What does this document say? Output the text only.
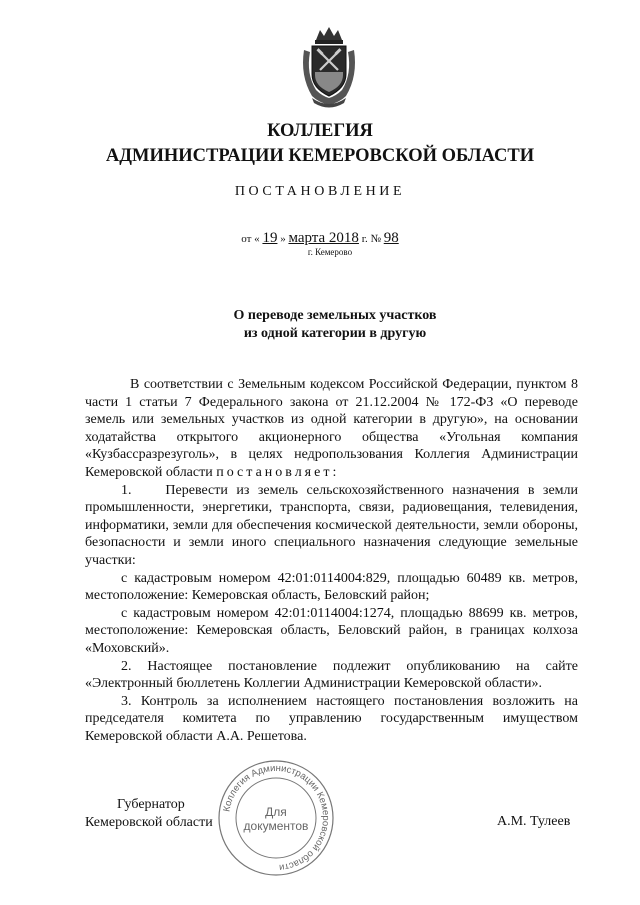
КОЛЛЕГИЯ
АДМИНИСТРАЦИИ КЕМЕРОВСКОЙ ОБЛАСТИ
ПОСТАНОВЛЕНИЕ
от « 19 » марта 2018 г. № 98
г. Кемерово
О переводе земельных участков
из одной категории в другую

В соответствии с Земельным кодексом Российской Федерации, пунктом 8 части 1 статьи 7 Федерального закона от 21.12.2004 № 172-ФЗ «О переводе земель или земельных участков из одной категории в другую», на основании ходатайства открытого акционерного общества «Угольная компания «Кузбассразрезуголь», в целях недропользования Коллегия Администрации Кемеровской области постановляет:

1.    Перевести из земель сельскохозяйственного назначения в земли промышленности, энергетики, транспорта, связи, радиовещания, телевидения, информатики, земли для обеспечения космической деятельности, земли обороны, безопасности и земли иного специального назначения следующие земельные участки:

с кадастровым номером 42:01:0114004:829, площадью 60489 кв. метров, местоположение: Кемеровская область, Беловский район;

с кадастровым номером 42:01:0114004:1274, площадью 88699 кв. метров, местоположение: Кемеровская область, Беловский район, в границах колхоза «Моховский».

2. Настоящее постановление подлежит опубликованию на сайте «Электронный бюллетень Коллегии Администрации Кемеровской области».

3. Контроль за исполнением настоящего постановления возложить на председателя комитета по управлению государственным имуществом Кемеровской области А.А. Решетова.

Губернатор
Кемеровской области	А.М. Тулеев
Коллегия Администрации Кемеровской области
Для
документов
